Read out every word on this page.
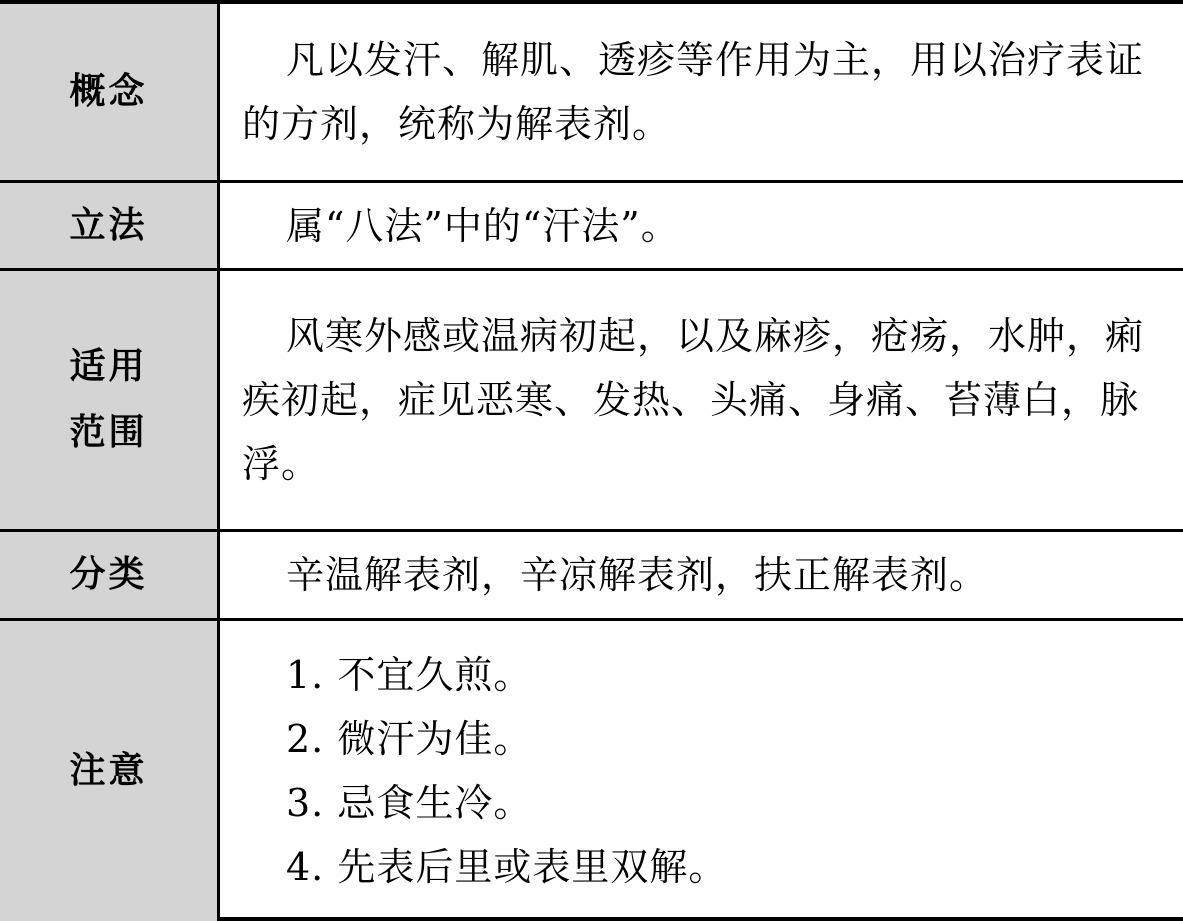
概念

凡以发汗、解肌、透疹等作用为主，用以治疗表证的方剂，统称为解表剂。

立法	属“八法”中的“汗法”。

适用
范围

风寒外感或温病初起，以及麻疹，疮疡，水肿，痢疾初起，症见恶寒、发热、头痛、身痛、苔薄白，脉浮。

分类	辛温解表剂，辛凉解表剂，扶正解表剂。

注意
1. 不宜久煎。
2. 微汗为佳。
3. 忌食生冷。
4. 先表后里或表里双解。
